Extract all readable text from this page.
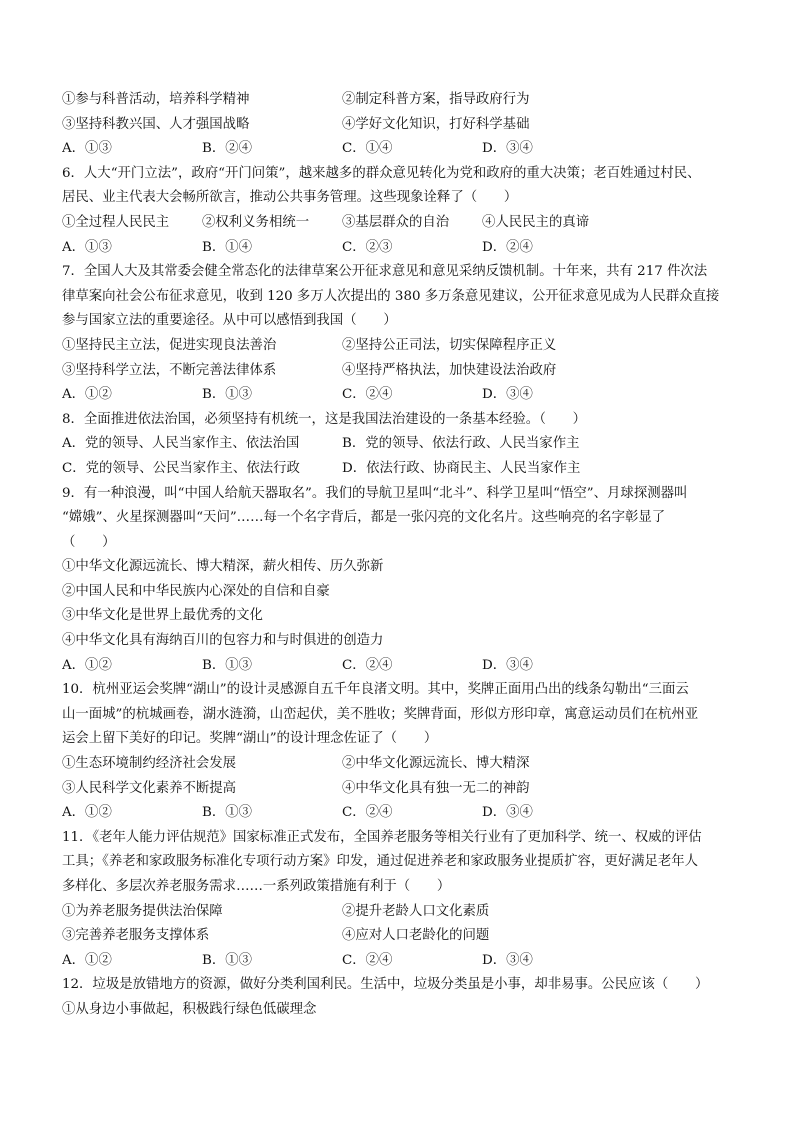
①参与科普活动，培养科学精神	②制定科普方案，指导政府行为
③坚持科教兴国、人才强国战略	④学好文化知识，打好科学基础
A．①③	B．②④	C．①④	D．③④
6．人大“开门立法”，政府“开门问策”，越来越多的群众意见转化为党和政府的重大决策；老百姓通过村民、
居民、业主代表大会畅所欲言，推动公共事务管理。这些现象诠释了（　　）
①全过程人民民主	②权利义务相统一	③基层群众的自治	④人民民主的真谛
A．①③	B．①④	C．②③	D．②④
7．全国人大及其常委会健全常态化的法律草案公开征求意见和意见采纳反馈机制。十年来，共有 217 件次法
律草案向社会公布征求意见，收到 120 多万人次提出的 380 多万条意见建议，公开征求意见成为人民群众直接
参与国家立法的重要途径。从中可以感悟到我国（　　）
①坚持民主立法，促进实现良法善治	②坚持公正司法，切实保障程序正义
③坚持科学立法，不断完善法律体系	④坚持严格执法，加快建设法治政府
A．①②	B．①③	C．②④	D．③④
8．全面推进依法治国，必须坚持有机统一，这是我国法治建设的一条基本经验。（　　）
A．党的领导、人民当家作主、依法治国	B．党的领导、依法行政、人民当家作主
C．党的领导、公民当家作主、依法行政	D．依法行政、协商民主、人民当家作主
9．有一种浪漫，叫“中国人给航天器取名”。我们的导航卫星叫“北斗”、科学卫星叫“悟空”、月球探测器叫
“嫦娥”、火星探测器叫“天问”……每一个名字背后，都是一张闪亮的文化名片。这些响亮的名字彰显了
（　　）
①中华文化源远流长、博大精深，薪火相传、历久弥新
②中国人民和中华民族内心深处的自信和自豪
③中华文化是世界上最优秀的文化
④中华文化具有海纳百川的包容力和与时俱进的创造力
A．①②	B．①③	C．②④	D．③④
10．杭州亚运会奖牌“湖山”的设计灵感源自五千年良渚文明。其中，奖牌正面用凸出的线条勾勒出“三面云
山一面城”的杭城画卷，湖水涟漪，山峦起伏，美不胜收；奖牌背面，形似方形印章，寓意运动员们在杭州亚
运会上留下美好的印记。奖牌“湖山”的设计理念佐证了（　　）
①生态环境制约经济社会发展	②中华文化源远流长、博大精深
③人民科学文化素养不断提高	④中华文化具有独一无二的神韵
A．①②	B．①③	C．②④	D．③④
11．《老年人能力评估规范》国家标准正式发布，全国养老服务等相关行业有了更加科学、统一、权威的评估
工具；《养老和家政服务标准化专项行动方案》印发，通过促进养老和家政服务业提质扩容，更好满足老年人
多样化、多层次养老服务需求……一系列政策措施有利于（　　）
①为养老服务提供法治保障	②提升老龄人口文化素质
③完善养老服务支撑体系	④应对人口老龄化的问题
A．①②	B．①③	C．②④	D．③④
12．垃圾是放错地方的资源，做好分类利国利民。生活中，垃圾分类虽是小事，却非易事。公民应该（　　）
①从身边小事做起，积极践行绿色低碳理念
